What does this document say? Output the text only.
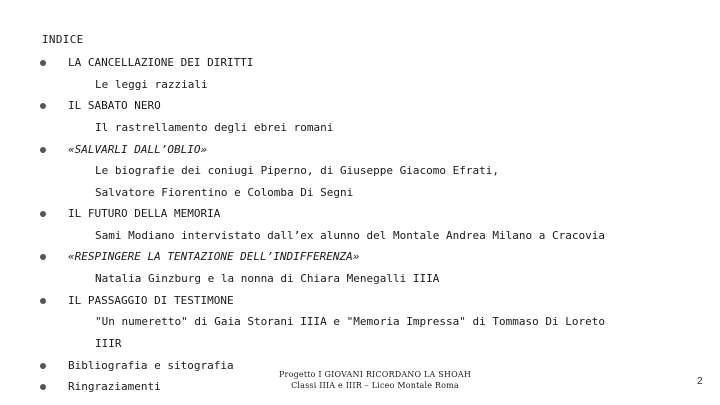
INDICE
LA CANCELLAZIONE DEI DIRITTI
Le leggi razziali
IL SABATO NERO
Il rastrellamento degli ebrei romani
«SALVARLI DALL’OBLIO»
Le biografie dei coniugi Piperno, di Giuseppe Giacomo Efrati,
Salvatore Fiorentino e Colomba Di Segni
IL FUTURO DELLA MEMORIA
Sami Modiano intervistato dall’ex alunno del Montale Andrea Milano a Cracovia
«RESPINGERE LA TENTAZIONE DELL’INDIFFERENZA»
Natalia Ginzburg e la nonna di Chiara Menegalli IIIA
IL PASSAGGIO DI TESTIMONE
"Un numeretto" di Gaia Storani IIIA e "Memoria Impressa" di Tommaso Di Loreto
IIIR
Bibliografia e sitografia
Ringraziamenti
Progetto I GIOVANI RICORDANO LA SHOAH
Classi IIIA e IIIR – Liceo Montale Roma	2
